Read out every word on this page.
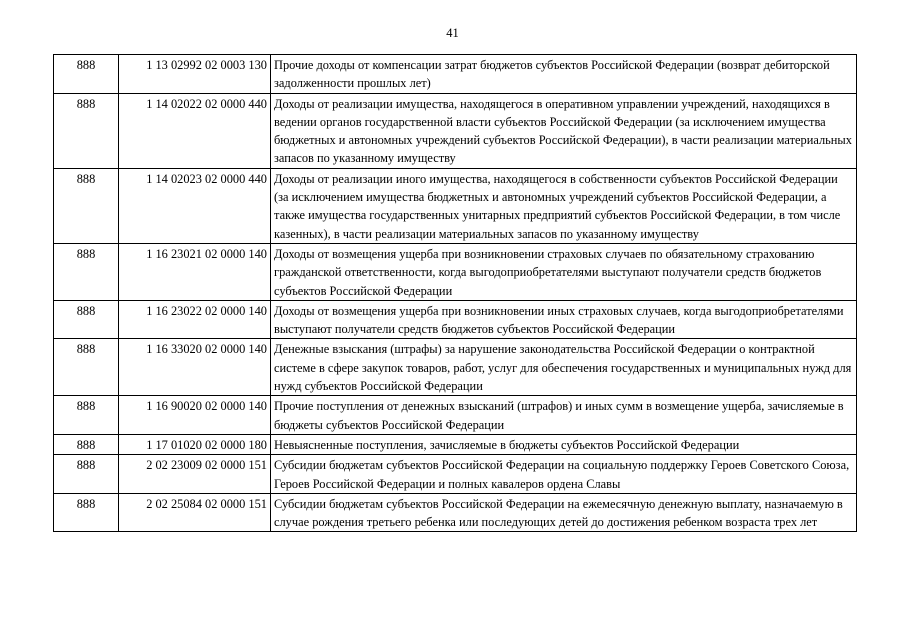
41
888	1 13 02992 02 0003 130	Прочие доходы от компенсации затрат бюджетов субъектов Российской Федерации (возврат дебиторской задолженности прошлых лет)
888	1 14 02022 02 0000 440	Доходы от реализации имущества, находящегося в оперативном управлении учреждений, находящихся в ведении органов государственной власти субъектов Российской Федерации (за исключением имущества бюджетных и автономных учреждений субъектов Российской Федерации), в части реализации материальных запасов по указанному имуществу
888	1 14 02023 02 0000 440	Доходы от реализации иного имущества, находящегося в собственности субъектов Российской Федерации (за исключением имущества бюджетных и автономных учреждений субъектов Российской Федерации, а также имущества государственных унитарных предприятий субъектов Российской Федерации, в том числе казенных), в части реализации материальных запасов по указанному имуществу
888	1 16 23021 02 0000 140	Доходы от возмещения ущерба при возникновении страховых случаев по обязательному страхованию гражданской ответственности, когда выгодоприобретателями выступают получатели средств бюджетов субъектов Российской Федерации
888	1 16 23022 02 0000 140	Доходы от возмещения ущерба при возникновении иных страховых случаев, когда выгодоприобретателями выступают получатели средств бюджетов субъектов Российской Федерации
888	1 16 33020 02 0000 140	Денежные взыскания (штрафы) за нарушение законодательства Российской Федерации о контрактной системе в сфере закупок товаров, работ, услуг для обеспечения государственных и муниципальных нужд для нужд субъектов Российской Федерации
888	1 16 90020 02 0000 140	Прочие поступления от денежных взысканий (штрафов) и иных сумм в возмещение ущерба, зачисляемые в бюджеты субъектов Российской Федерации
888	1 17 01020 02 0000 180	Невыясненные поступления, зачисляемые в бюджеты субъектов Российской Федерации
888	2 02 23009 02 0000 151	Субсидии бюджетам субъектов Российской Федерации на социальную поддержку Героев Советского Союза, Героев Российской Федерации и полных кавалеров ордена Славы
888	2 02 25084 02 0000 151	Субсидии бюджетам субъектов Российской Федерации на ежемесячную денежную выплату, назначаемую в случае рождения третьего ребенка или последующих детей до достижения ребенком возраста трех лет
